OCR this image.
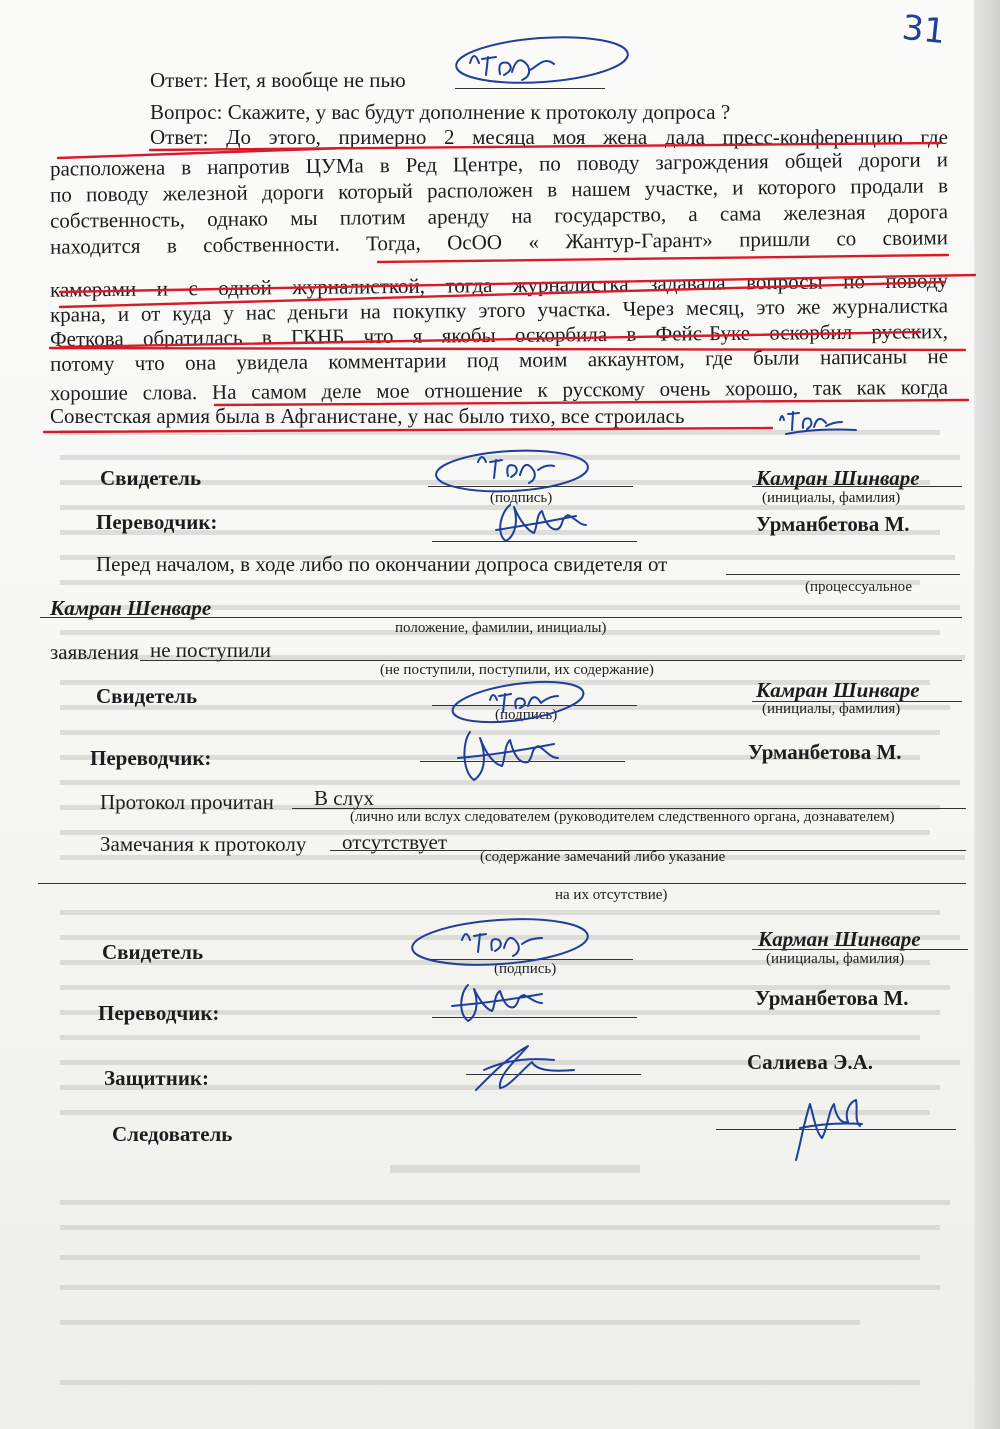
31
Ответ: Нет, я вообще не пью
Вопрос: Скажите, у вас будут дополнение к протоколу допроса ?
Ответ: До этого, примерно 2 месяца моя жена дала пресс-конференцию где
расположена в напротив ЦУМа в Ред Центре, по поводу загрождения общей дороги и
по поводу железной дороги который расположен в нашем участке, и которого продали в
собственность, однако мы плотим аренду на государство, а сама железная дорога
находится в собственности. Тогда, ОсОО « Жантур-Гарант» пришли со своими
камерами и с одной журналисткой, тогда журналистка задавала вопросы по поводу
крана, и от куда у нас деньги на покупку этого участка. Через месяц, это же журналистка
Феткова обратилась в ГКНБ что я якобы оскорбила в Фейс-Буке оскорбил русских,
потому что она увидела комментарии под моим аккаунтом, где были написаны не
хорошие слова. На самом деле мое отношение к русскому очень хорошо, так как когда
Совестская армия была в Афганистане, у нас было тихо, все строилась
Свидетель
(подпись)
Камран Шинваре
(инициалы, фамилия)
Переводчик:	Урманбетова М.
Перед началом, в ходе либо по окончании допроса свидетеля от
(процессуальное
Камран Шенваре
положение, фамилии, инициалы)
заявления не поступили
(не поступили, поступили, их содержание)
Свидетель
(подпись)
Камран Шинваре
(инициалы, фамилия)
Переводчик:	Урманбетова М.
Протокол прочитан В слух
(лично или вслух следователем (руководителем следственного органа, дознавателем)
Замечания к протоколу отсутствует
(содержание замечаний либо указание
на их отсутствие)
Свидетель
(подпись)
Карман Шинваре
(инициалы, фамилия)
Переводчик:
Урманбетова М.
Защитник:
Салиева Э.А.
Следователь
